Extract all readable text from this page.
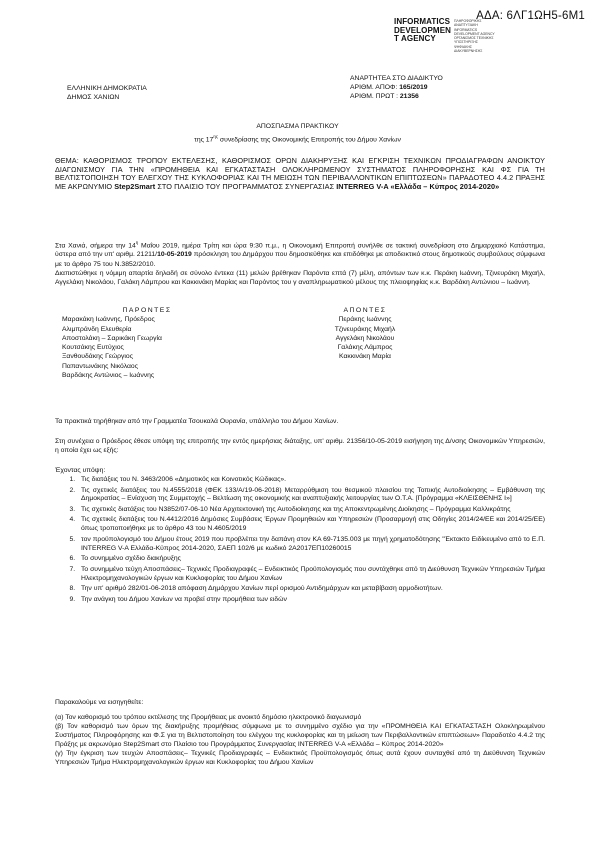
ΑΔΑ: 6ΛΓ1ΩΗ5-6Μ1
INFORMATICS
DEVELOPMEN
T AGENCY
ΠΛΗΡΟΦΟΡΙΚΗΣ
ΑΝΑΠΤΥΞΙΑΚΗ
INFORMATICS
DEVELOPMENT AGENCY
ΟΡΓΑΝΙΣΜΟΣ ΤΕΧΝΙΚΗΣ
ΥΠΟΣΤΗΡΙΞΗΣ
ΨΗΦΙΑΚΗΣ
ΔΙΑΚΥΒΕΡΝΗΣΗΣ
ΕΛΛΗΝΙΚΗ ΔΗΜΟΚΡΑΤΙΑ
ΔΗΜΟΣ ΧΑΝΙΩΝ
ΑΝΑΡΤΗΤΕΑ ΣΤΟ ΔΙΑΔΙΚΤΥΟ
ΑΡΙΘΜ. ΑΠΟΦ: 165/2019
ΑΡΙΘΜ. ΠΡΩΤ : 21356
ΑΠΟΣΠΑΣΜΑ ΠΡΑΚΤΙΚΟΥ
της $17^{\eta\varsigma}$ συνεδρίασης της Οικονομικής Επιτροπής του Δήμου Χανίων
ΘΕΜΑ: ΚΑΘΟΡΙΣΜΟΣ ΤΡΟΠΟΥ ΕΚΤΕΛΕΣΗΣ, ΚΑΘΟΡΙΣΜΟΣ ΟΡΩΝ ΔΙΑΚΗΡΥΞΗΣ ΚΑΙ ΕΓΚΡΙΣΗ ΤΕΧΝΙΚΩΝ ΠΡΟΔΙΑΓΡΑΦΩΝ ΑΝΟΙΚΤΟΥ ΔΙΑΓΩΝΙΣΜΟΥ ΓΙΑ ΤΗΝ «ΠΡΟΜΗΘΕΙΑ ΚΑΙ ΕΓΚΑΤΑΣΤΑΣΗ ΟΛΟΚΛΗΡΩΜΕΝΟΥ ΣΥΣΤΗΜΑΤΟΣ ΠΛΗΡΟΦΟΡΗΣΗΣ ΚΑΙ ΦΣ ΓΙΑ ΤΗ ΒΕΛΤΙΣΤΟΠΟΙΗΣΗ ΤΟΥ ΕΛΕΓΧΟΥ ΤΗΣ ΚΥΚΛΟΦΟΡΙΑΣ ΚΑΙ ΤΗ ΜΕΙΩΣΗ ΤΩΝ ΠΕΡΙΒΑΛΛΟΝΤΙΚΩΝ ΕΠΙΠΤΩΣΕΩΝ» ΠΑΡΑΔΟΤΕΟ 4.4.2 ΠΡΑΞΗΣ ΜΕ ΑΚΡΩΝΥΜΙΟ Step2Smart ΣΤΟ ΠΛΑΙΣΙΟ ΤΟΥ ΠΡΟΓΡΑΜΜΑΤΟΣ ΣΥΝΕΡΓΑΣΙΑΣ INTERREG V-A «Ελλάδα – Κύπρος 2014-2020»
Στα Χανιά, σήμερα την $14^\eta$ Μαΐου 2019, ημέρα Τρίτη και ώρα 9:30 π.μ., η Οικονομική Επιτροπή συνήλθε σε τακτική συνεδρίαση στο Δημαρχιακό Κατάστημα, ύστερα από την υπ' αριθμ. 21211/10-05-2019 πρόσκληση του Δημάρχου που δημοσιεύθηκε και επιδόθηκε με αποδεικτικό στους δημοτικούς συμβούλους σύμφωνα με το άρθρο 75 του Ν.3852/2010.
Διαπιστώθηκε η νόμιμη απαρτία δηλαδή σε σύνολο έντεκα (11) μελών βρέθηκαν Παρόντα επτά (7) μέλη, απόντων των κ.κ. Περάκη Ιωάννη, Τζινευράκη Μιχαήλ, Αγγελάκη Νικολάου, Γαλάκη Λάμπρου και Κακκινάκη Μαρίας και Παρόντος του γ αναπληρωματικού μέλους της πλειοψηφίας κ.κ. Βαρδάκη Αντώνιου – Ιωάννη.
ΠΑΡΟΝΤΕΣ
Μαρακάκη Ιωάννης, Πρόεδρος
Αλιμπράνδη Ελευθερία
Αποστολάκη – Σαρικάκη Γεωργία
Κουτσάκης Ευτύχιος
Ξανθουδάκης Γεώργιος
Παπαντωνάκης Νικόλαος
Βαρδάκης Αντώνιος – Ιωάννης
ΑΠΟΝΤΕΣ
Περάκης Ιωάννης
Τζινευράκης Μιχαήλ
Αγγελάκη Νικολάου
Γαλάκης Λάμπρος
Κακκινάκη Μαρία
Τα πρακτικά τηρήθηκαν από την Γραμματέα Τσουκαλά Ουρανία, υπάλληλο του Δήμου Χανίων.
Στη συνέχεια ο Πρόεδρος έθεσε υπόψη της επιτροπής την εντός ημερήσιας διάταξης, υπ' αριθμ. 21356/10-05-2019 εισήγηση της Δ/νσης Οικονομικών Υπηρεσιών, η οποία έχει ως εξής:
Έχοντας υπόψη:
1. Τις διατάξεις του Ν. 3463/2006 «Δημοτικός και Κοινοτικός Κώδικας».
2. Τις σχετικές διατάξεις του Ν.4555/2018 (ΦΕΚ 133/Α/19-06-2018) Μεταρρύθμιση του θεσμικού πλαισίου της Τοπικής Αυτοδιοίκησης – Εμβάθυνση της Δημοκρατίας – Ενίσχυση της Συμμετοχής – Βελτίωση της οικονομικής και αναπτυξιακής λειτουργίας των Ο.Τ.Α. [Πρόγραμμα «ΚΛΕΙΣΘΕΝΗΣ Ι»]
3. Τις σχετικές διατάξεις του Ν3852/07-06-10 Νέα Αρχιτεκτονική της Αυτοδιοίκησης και της Αποκεντρωμένης Διοίκησης – Πρόγραμμα Καλλικράτης
4. Τις σχετικές διατάξεις του Ν.4412/2016 Δημόσιες Συμβάσεις Έργων Προμηθειών και Υπηρεσιών (Προσαρμογή στις Οδηγίες 2014/24/ΕΕ και 2014/25/ΕΕ) όπως τροποποιήθηκε με το άρθρο 43 του Ν.4605/2019
5. τον προϋπολογισμό του Δήμου έτους 2019 που προβλέπει την δαπάνη στον ΚΑ 69-7135.003 με πηγή χρηματοδότησης "Έκτακτο Ειδίκευμένο από το Ε.Π. INTERREG V-A Ελλάδα-Κύπρος 2014-2020, ΣΑΕΠ 102/6 με κωδικό 2A2017ΕΠ10260015
6. Το συνημμένο σχέδιο διακήρυξης
7. Το συνημμένο τεύχη Αποσπάσεις– Τεχνικές Προδιαγραφές – Ενδεικτικός Προϋπολογισμός που συντάχθηκε από τη Διεύθυνση Τεχνικών Υπηρεσιών Τμήμα Ηλεκτρομηχανολογικών έργων και Κυκλοφορίας του Δήμου Χανίων
8. Την υπ' αριθμό 282/01-06-2018 απόφαση Δημάρχου Χανίων περί ορισμού Αντιδημάρχων και μεταβίβαση αρμοδιοτήτων.
9. Την ανάγκη του Δήμου Χανίων να προβεί στην προμήθεια των ειδών
Παρακαλούμε να εισηγηθείτε:
(α) Τον καθορισμό του τρόπου εκτέλεσης της Προμήθειας με ανοικτό δημόσιο ηλεκτρονικό διαγωνισμό
(β) Τον καθορισμό των όρων της διακήρυξης προμήθειας σύμφωνα με το συνημμένο σχέδιο για την «ΠΡΟΜΗΘΕΙΑ ΚΑΙ ΕΓΚΑΤΑΣΤΑΣΗ Ολοκληρωμένου Συστήματος Πληροφόρησης και Φ.Σ για τη Βελτιστοποίηση του ελέγχου της κυκλοφορίας και τη μείωση των Περιβαλλοντικών επιπτώσεων» Παραδοτέο 4.4.2 της Πράξης με ακρωνύμιο Step2Smart στο Πλαίσιο του Προγράμματος Συνεργασίας INTERREG V-A «Ελλάδα – Κύπρος 2014-2020»
(γ) Την έγκριση των τευχών Αποσπάσεις– Τεχνικές Προδιαγραφές – Ενδεικτικός Προϋπολογισμός όπως αυτά έχουν συνταχθεί από τη Διεύθυνση Τεχνικών Υπηρεσιών Τμήμα Ηλεκτρομηχανολογικών έργων και Κυκλοφορίας του Δήμου Χανίων
